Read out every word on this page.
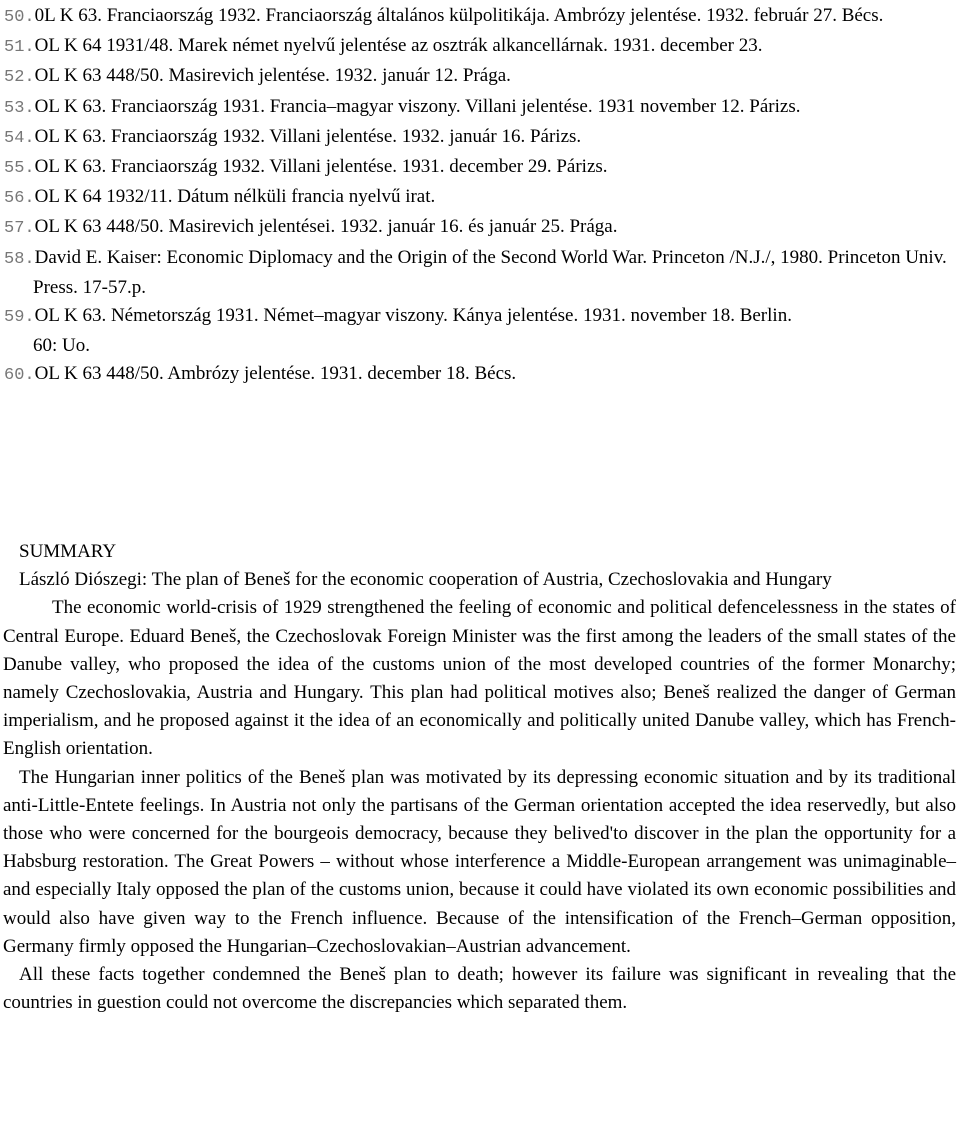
50.0L K 63. Franciaország 1932. Franciaország általános külpolitikája. Ambrózy jelentése. 1932. február 27. Bécs.
51.OL K 64 1931/48. Marek német nyelvű jelentése az osztrák alkancellárnak. 1931. december 23.
52.OL K 63 448/50. Masirevich jelentése. 1932. január 12. Prága.
53.OL K 63. Franciaország 1931. Francia–magyar viszony. Villani jelentése. 1931 november 12. Párizs.
54.OL K 63. Franciaország 1932. Villani jelentése. 1932. január 16. Párizs.
55.OL K 63. Franciaország 1932. Villani jelentése. 1931. december 29. Párizs.
56.OL K 64 1932/11. Dátum nélküli francia nyelvű irat.
57.OL K 63 448/50. Masirevich jelentései. 1932. január 16. és január 25. Prága.
58.David E. Kaiser: Economic Diplomacy and the Origin of the Second World War. Princeton /N.J./, 1980. Princeton Univ. Press. 17-57.p.
59.OL K 63. Németország 1931. Német–magyar viszony. Kánya jelentése. 1931. november 18. Berlin.
60: Uo.
60.OL K 63 448/50. Ambrózy jelentése. 1931. december 18. Bécs.
SUMMARY
László Diószegi: The plan of Beneš for the economic cooperation of Austria, Czechoslovakia and Hungary
The economic world-crisis of 1929 strengthened the feeling of economic and political defencelessness in the states of Central Europe. Eduard Beneš, the Czechoslovak Foreign Minister was the first among the leaders of the small states of the Danube valley, who proposed the idea of the customs union of the most developed countries of the former Monarchy; namely Czechoslovakia, Austria and Hungary. This plan had political motives also; Beneš realized the danger of German imperialism, and he proposed against it the idea of an economically and politically united Danube valley, which has French-English orientation.
The Hungarian inner politics of the Beneš plan was motivated by its depressing economic situation and by its traditional anti-Little-Entete feelings. In Austria not only the partisans of the German orientation accepted the idea reservedly, but also those who were concerned for the bourgeois democracy, because they belived'to discover in the plan the opportunity for a Habsburg restoration. The Great Powers – without whose interference a Middle-European arrangement was unimaginable– and especially Italy opposed the plan of the customs union, because it could have violated its own economic possibilities and would also have given way to the French influence. Because of the intensification of the French–German opposition, Germany firmly opposed the Hungarian–Czechoslovakian–Austrian advancement.
All these facts together condemned the Beneš plan to death; however its failure was significant in revealing that the countries in guestion could not overcome the discrepancies which separated them.
